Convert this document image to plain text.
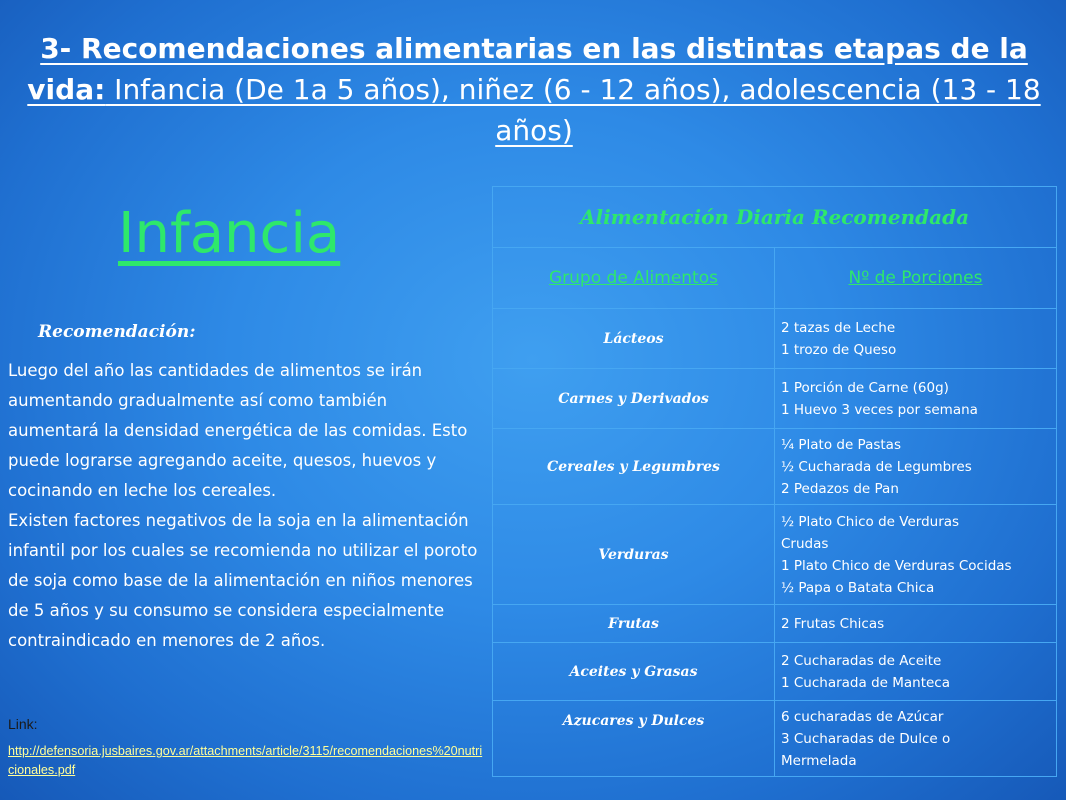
3- Recomendaciones alimentarias en las distintas etapas de la vida: Infancia (De 1a 5 años), niñez (6 - 12 años), adolescencia (13 - 18 años)
Infancia
Recomendación:

Luego del año las cantidades de alimentos se irán aumentando gradualmente así como también aumentará la densidad energética de las comidas. Esto puede lograrse agregando aceite, quesos, huevos y cocinando en leche los cereales.

Existen factores negativos de la soja en la alimentación infantil por los cuales se recomienda no utilizar el poroto de soja como base de la alimentación en niños menores de 5 años y su consumo se considera especialmente contraindicado en menores de 2 años.

Link:
http://defensoria.jusbaires.gov.ar/attachments/article/3115/recomendaciones%20nutricionales.pdf
Alimentación Diaria Recomendada	
Grupo de Alimentos	Nº de Porciones
Lácteos	2 tazas de Leche
1 trozo de Queso

Carnes y Derivados	1 Porción de Carne (60g)
1 Huevo 3 veces por semana

Cereales y Legumbres	¼ Plato de Pastas
½ Cucharada de Legumbres
2 Pedazos de Pan

Verduras	½ Plato Chico de Verduras
Crudas
1 Plato Chico de Verduras Cocidas
½ Papa o Batata Chica

Frutas	2 Frutas Chicas

Aceites y Grasas	2 Cucharadas de Aceite
1 Cucharada de Manteca

Azucares y Dulces	6 cucharadas de Azúcar
3 Cucharadas de Dulce o
Mermelada
